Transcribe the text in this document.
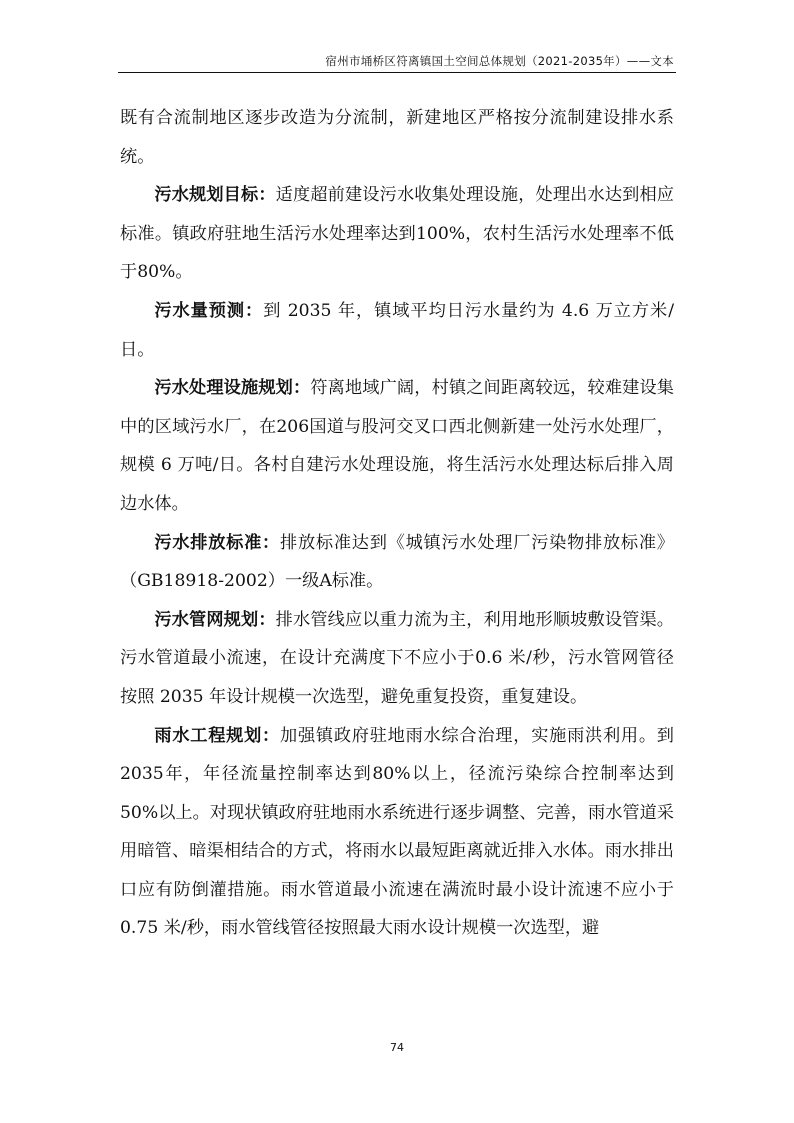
宿州市埇桥区符离镇国土空间总体规划（2021-2035年）——文本

既有合流制地区逐步改造为分流制，新建地区严格按分流制建设排水系统。

污水规划目标：适度超前建设污水收集处理设施，处理出水达到相应标准。镇政府驻地生活污水处理率达到100%，农村生活污水处理率不低于80%。

污水量预测：到 2035 年，镇域平均日污水量约为 4.6 万立方米/日。

污水处理设施规划：符离地域广阔，村镇之间距离较远，较难建设集中的区域污水厂，在206国道与股河交叉口西北侧新建一处污水处理厂，规模 6 万吨/日。各村自建污水处理设施，将生活污水处理达标后排入周边水体。

污水排放标准：排放标准达到《城镇污水处理厂污染物排放标准》（GB18918-2002）一级A标准。

污水管网规划：排水管线应以重力流为主，利用地形顺坡敷设管渠。污水管道最小流速，在设计充满度下不应小于0.6 米/秒，污水管网管径按照 2035 年设计规模一次选型，避免重复投资，重复建设。

雨水工程规划：加强镇政府驻地雨水综合治理，实施雨洪利用。到2035年，年径流量控制率达到80%以上，径流污染综合控制率达到 50%以上。对现状镇政府驻地雨水系统进行逐步调整、完善，雨水管道采用暗管、暗渠相结合的方式，将雨水以最短距离就近排入水体。雨水排出口应有防倒灌措施。雨水管道最小流速在满流时最小设计流速不应小于 0.75 米/秒，雨水管线管径按照最大雨水设计规模一次选型，避

74
